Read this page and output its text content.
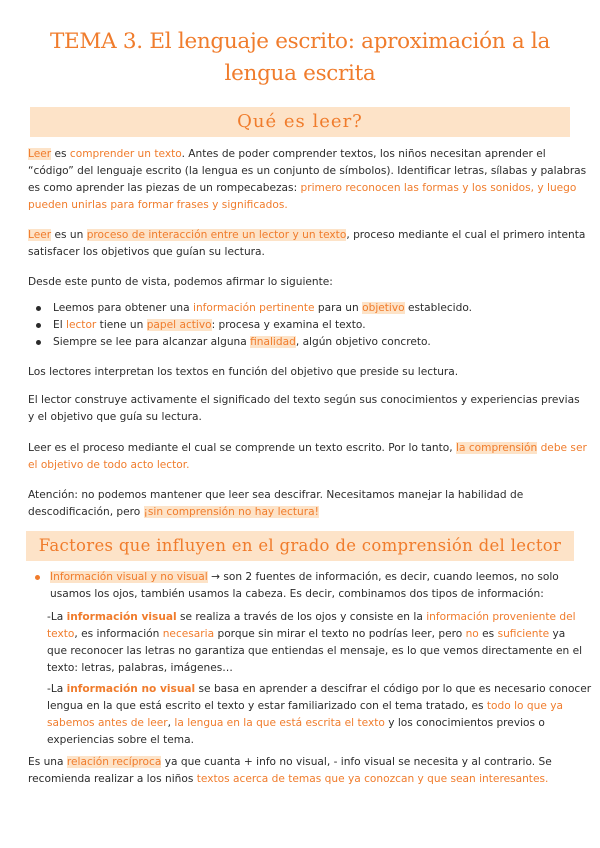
TEMA 3. El lenguaje escrito: aproximación a la
lengua escrita
Qué es leer?
Leer es comprender un texto. Antes de poder comprender textos, los niños necesitan aprender el
“código” del lenguaje escrito (la lengua es un conjunto de símbolos). Identificar letras, sílabas y palabras
es como aprender las piezas de un rompecabezas: primero reconocen las formas y los sonidos, y luego
pueden unirlas para formar frases y significados.
Leer es un proceso de interacción entre un lector y un texto, proceso mediante el cual el primero intenta
satisfacer los objetivos que guían su lectura.
Desde este punto de vista, podemos afirmar lo siguiente:
Leemos para obtener una información pertinente para un objetivo establecido.
El lector tiene un papel activo: procesa y examina el texto.
Siempre se lee para alcanzar alguna finalidad, algún objetivo concreto.
Los lectores interpretan los textos en función del objetivo que preside su lectura.
El lector construye activamente el significado del texto según sus conocimientos y experiencias previas
y el objetivo que guía su lectura.
Leer es el proceso mediante el cual se comprende un texto escrito. Por lo tanto, la comprensión debe ser
el objetivo de todo acto lector.
Atención: no podemos mantener que leer sea descifrar. Necesitamos manejar la habilidad de
descodificación, pero ¡sin comprensión no hay lectura!
Factores que influyen en el grado de comprensión del lector
Información visual y no visual → son 2 fuentes de información, es decir, cuando leemos, no solo
usamos los ojos, también usamos la cabeza. Es decir, combinamos dos tipos de información:
-La información visual se realiza a través de los ojos y consiste en la información proveniente del
texto, es información necesaria porque sin mirar el texto no podrías leer, pero no es suficiente ya
que reconocer las letras no garantiza que entiendas el mensaje, es lo que vemos directamente en el
texto: letras, palabras, imágenes…
-La información no visual se basa en aprender a descifrar el código por lo que es necesario conocer
lengua en la que está escrito el texto y estar familiarizado con el tema tratado, es todo lo que ya
sabemos antes de leer, la lengua en la que está escrita el texto y los conocimientos previos o
experiencias sobre el tema.
Es una relación recíproca ya que cuanta + info no visual, - info visual se necesita y al contrario. Se
recomienda realizar a los niños textos acerca de temas que ya conozcan y que sean interesantes.
